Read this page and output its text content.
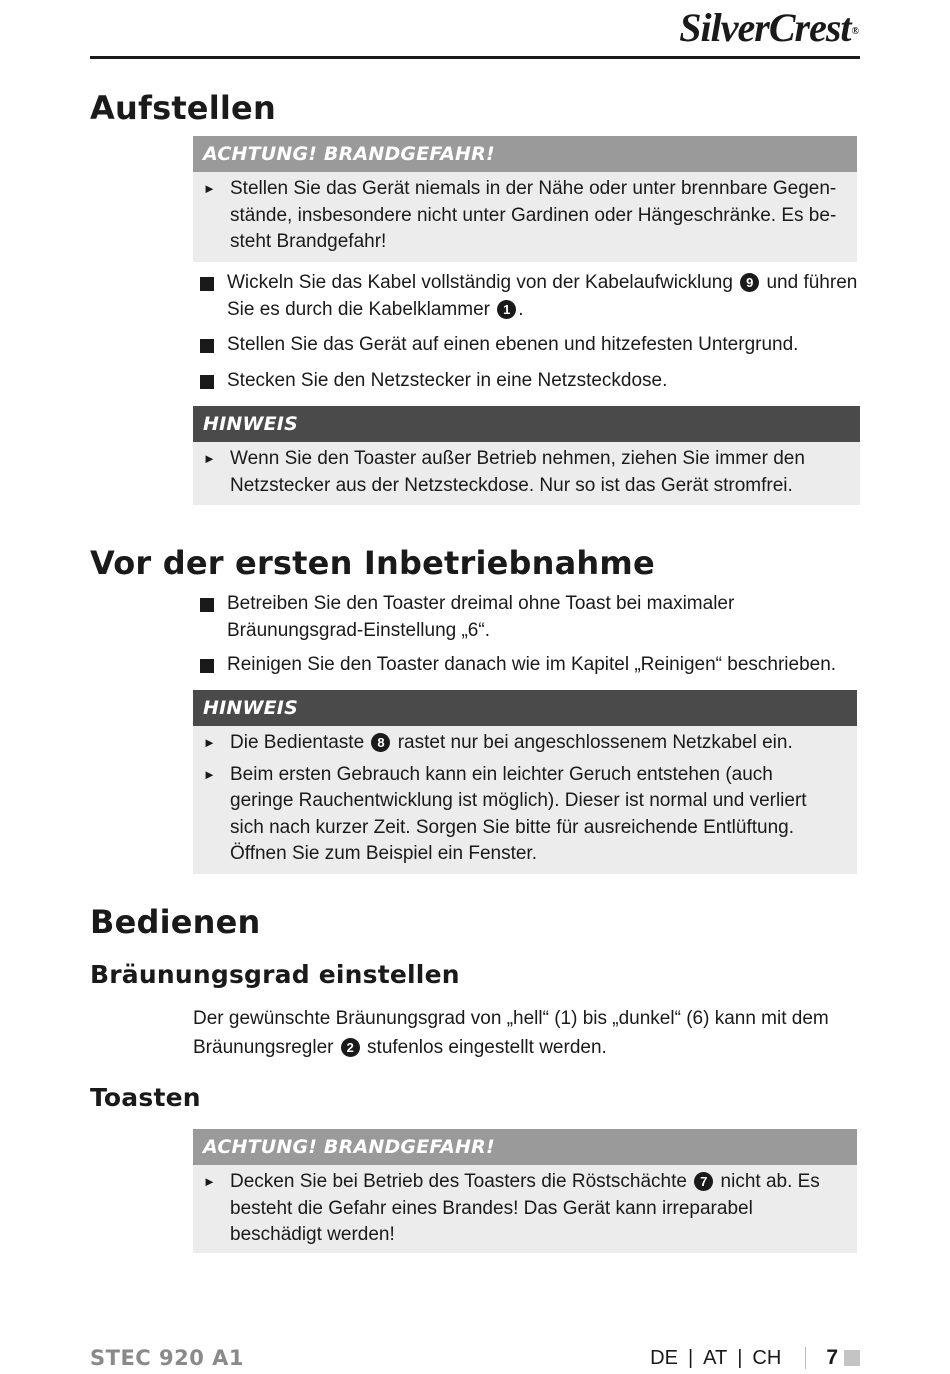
SilverCrest®
Aufstellen
ACHTUNG! BRANDGEFAHR!
► Stellen Sie das Gerät niemals in der Nähe oder unter brennbare Gegenstände, insbesondere nicht unter Gardinen oder Hängeschränke. Es besteht Brandgefahr!
Wickeln Sie das Kabel vollständig von der Kabelaufwicklung 9 und führen Sie es durch die Kabelklammer 1 .
Stellen Sie das Gerät auf einen ebenen und hitzefesten Untergrund.
Stecken Sie den Netzstecker in eine Netzsteckdose.
HINWEIS
► Wenn Sie den Toaster außer Betrieb nehmen, ziehen Sie immer den Netzstecker aus der Netzsteckdose. Nur so ist das Gerät stromfrei.
Vor der ersten Inbetriebnahme
Betreiben Sie den Toaster dreimal ohne Toast bei maximaler Bräunungsgrad-Einstellung „6“.
Reinigen Sie den Toaster danach wie im Kapitel „Reinigen“ beschrieben.
HINWEIS
► Die Bedientaste 8 rastet nur bei angeschlossenem Netzkabel ein.
► Beim ersten Gebrauch kann ein leichter Geruch entstehen (auch geringe Rauchentwicklung ist möglich). Dieser ist normal und verliert sich nach kurzer Zeit. Sorgen Sie bitte für ausreichende Entlüftung. Öffnen Sie zum Beispiel ein Fenster.
Bedienen
Bräunungsgrad einstellen
Der gewünschte Bräunungsgrad von „hell“ (1) bis „dunkel“ (6) kann mit dem Bräunungsregler 2 stufenlos eingestellt werden.
Toasten
ACHTUNG! BRANDGEFAHR!
► Decken Sie bei Betrieb des Toasters die Röstschächte 7 nicht ab. Es besteht die Gefahr eines Brandes! Das Gerät kann irreparabel beschädigt werden!
STEC 920 A1	DE | AT | CH 7
